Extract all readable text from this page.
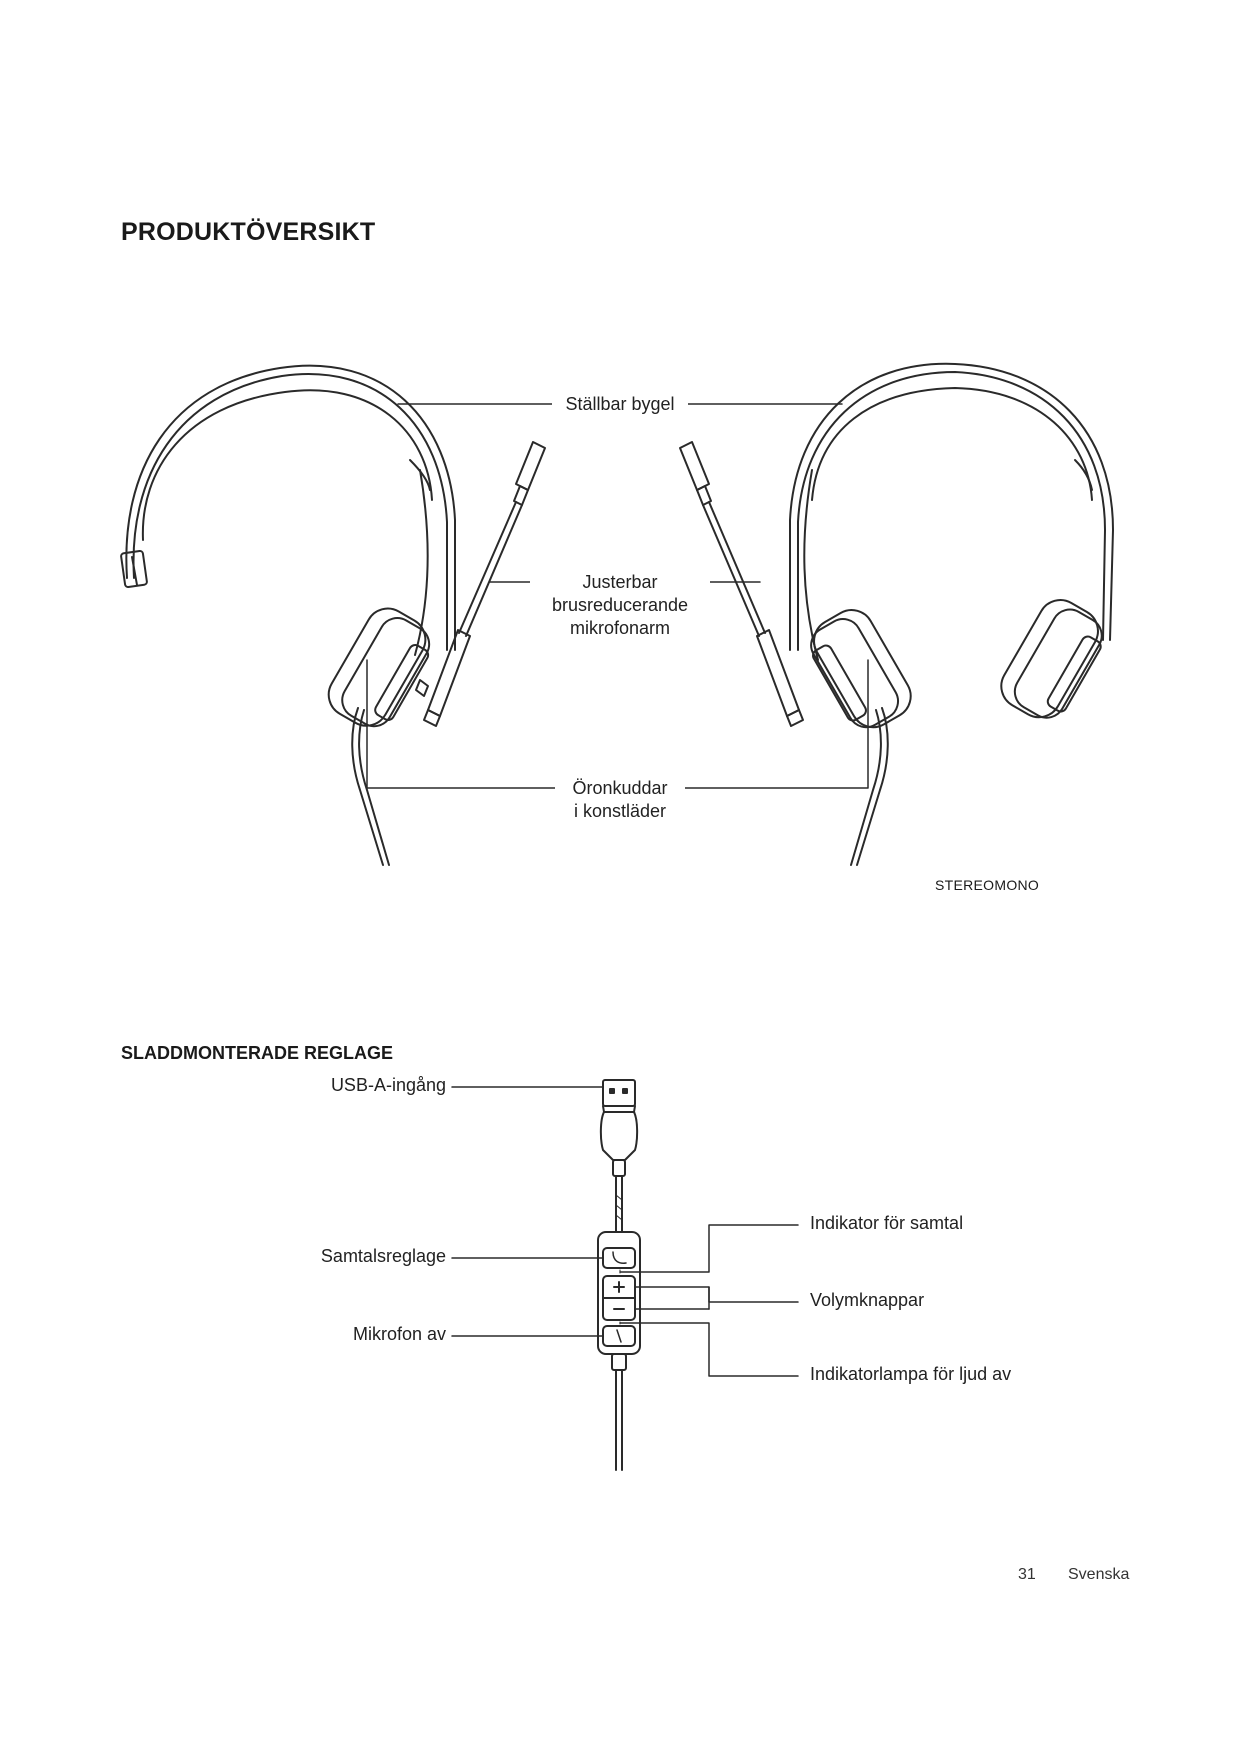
PRODUKTÖVERSIKT
Ställbar bygel
Justerbar
brusreducerande
mikrofonarm
Öronkuddar
i konstläder
STEREOMONO
SLADDMONTERADE REGLAGE
USB-A-ingång
Samtalsreglage
Mikrofon av
Indikator för samtal
Volymknappar
Indikatorlampa för ljud av
31 Svenska
